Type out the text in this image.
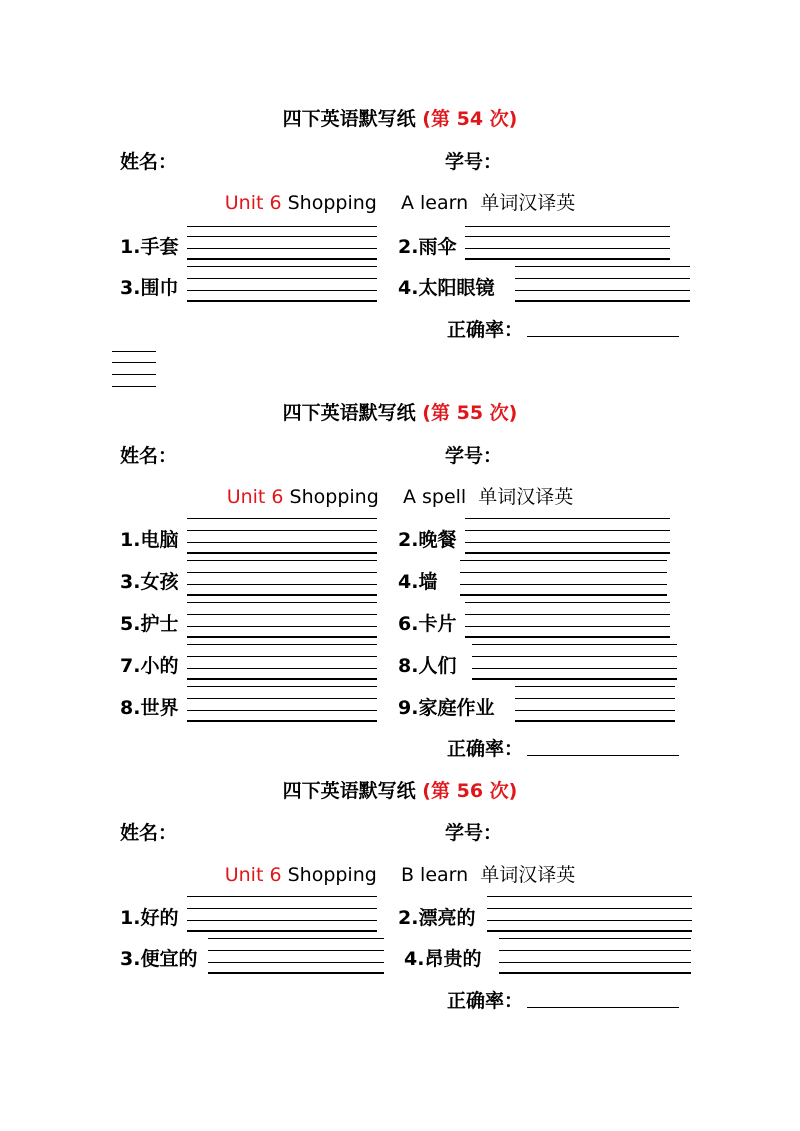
四下英语默写纸 (第 54 次)
姓名：	学号：
Unit 6 Shopping    A learn  单词汉译英
1.手套	2.雨伞
3.围巾	4.太阳眼镜
正确率：
四下英语默写纸 (第 55 次)
姓名：	学号：
Unit 6 Shopping    A spell  单词汉译英
1.电脑	2.晚餐
3.女孩	4.墙
5.护士	6.卡片
7.小的	8.人们
8.世界	9.家庭作业
正确率：
四下英语默写纸 (第 56 次)
姓名：	学号：
Unit 6 Shopping    B learn  单词汉译英
1.好的	2.漂亮的
3.便宜的	4.昂贵的
正确率：
